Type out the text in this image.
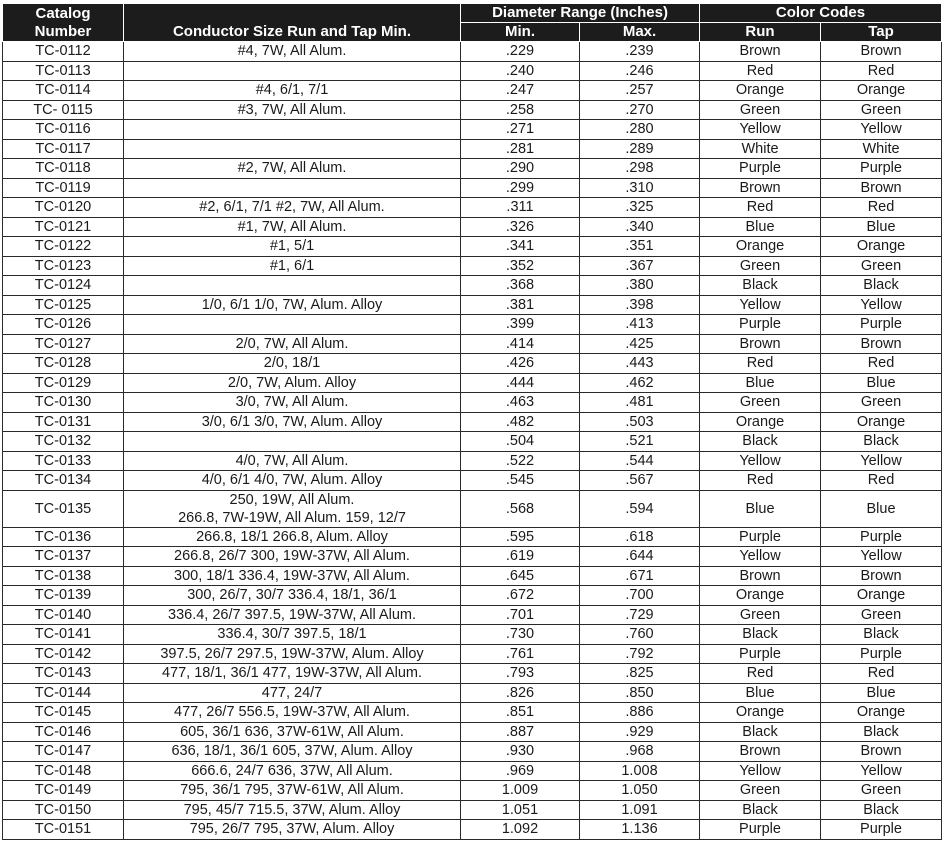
Catalog
Number	Conductor Size Run and Tap Min.	Diameter Range (Inches)		Color Codes	
		Min.	Max.	Run	Tap
TC-0112	#4, 7W, All Alum.	.229	.239	Brown	Brown
TC-0113		.240	.246	Red	Red
TC-0114	#4, 6/1, 7/1	.247	.257	Orange	Orange
TC- 0115	#3, 7W, All Alum.	.258	.270	Green	Green
TC-0116		.271	.280	Yellow	Yellow
TC-0117		.281	.289	White	White
TC-0118	#2, 7W, All Alum.	.290	.298	Purple	Purple
TC-0119		.299	.310	Brown	Brown
TC-0120	#2, 6/1, 7/1 #2, 7W, All Alum.	.311	.325	Red	Red
TC-0121	#1, 7W, All Alum.	.326	.340	Blue	Blue
TC-0122	#1, 5/1	.341	.351	Orange	Orange
TC-0123	#1, 6/1	.352	.367	Green	Green
TC-0124		.368	.380	Black	Black
TC-0125	1/0, 6/1 1/0, 7W, Alum. Alloy	.381	.398	Yellow	Yellow
TC-0126		.399	.413	Purple	Purple
TC-0127	2/0, 7W, All Alum.	.414	.425	Brown	Brown
TC-0128	2/0, 18/1	.426	.443	Red	Red
TC-0129	2/0, 7W, Alum. Alloy	.444	.462	Blue	Blue
TC-0130	3/0, 7W, All Alum.	.463	.481	Green	Green
TC-0131	3/0, 6/1 3/0, 7W, Alum. Alloy	.482	.503	Orange	Orange
TC-0132		.504	.521	Black	Black
TC-0133	4/0, 7W, All Alum.	.522	.544	Yellow	Yellow
TC-0134	4/0, 6/1 4/0, 7W, Alum. Alloy	.545	.567	Red	Red
TC-0135	250, 19W, All Alum.
266.8, 7W-19W, All Alum. 159, 12/7	.568	.594	Blue	Blue
TC-0136	266.8, 18/1 266.8, Alum. Alloy	.595	.618	Purple	Purple
TC-0137	266.8, 26/7 300, 19W-37W, All Alum.	.619	.644	Yellow	Yellow
TC-0138	300, 18/1 336.4, 19W-37W, All Alum.	.645	.671	Brown	Brown
TC-0139	300, 26/7, 30/7 336.4, 18/1, 36/1	.672	.700	Orange	Orange
TC-0140	336.4, 26/7 397.5, 19W-37W, All Alum.	.701	.729	Green	Green
TC-0141	336.4, 30/7 397.5, 18/1	.730	.760	Black	Black
TC-0142	397.5, 26/7 297.5, 19W-37W, Alum. Alloy	.761	.792	Purple	Purple
TC-0143	477, 18/1, 36/1 477, 19W-37W, All Alum.	.793	.825	Red	Red
TC-0144	477, 24/7	.826	.850	Blue	Blue
TC-0145	477, 26/7 556.5, 19W-37W, All Alum.	.851	.886	Orange	Orange
TC-0146	605, 36/1 636, 37W-61W, All Alum.	.887	.929	Black	Black
TC-0147	636, 18/1, 36/1 605, 37W, Alum. Alloy	.930	.968	Brown	Brown
TC-0148	666.6, 24/7 636, 37W, All Alum.	.969	1.008	Yellow	Yellow
TC-0149	795, 36/1 795, 37W-61W, All Alum.	1.009	1.050	Green	Green
TC-0150	795, 45/7 715.5, 37W, Alum. Alloy	1.051	1.091	Black	Black
TC-0151	795, 26/7 795, 37W, Alum. Alloy	1.092	1.136	Purple	Purple
